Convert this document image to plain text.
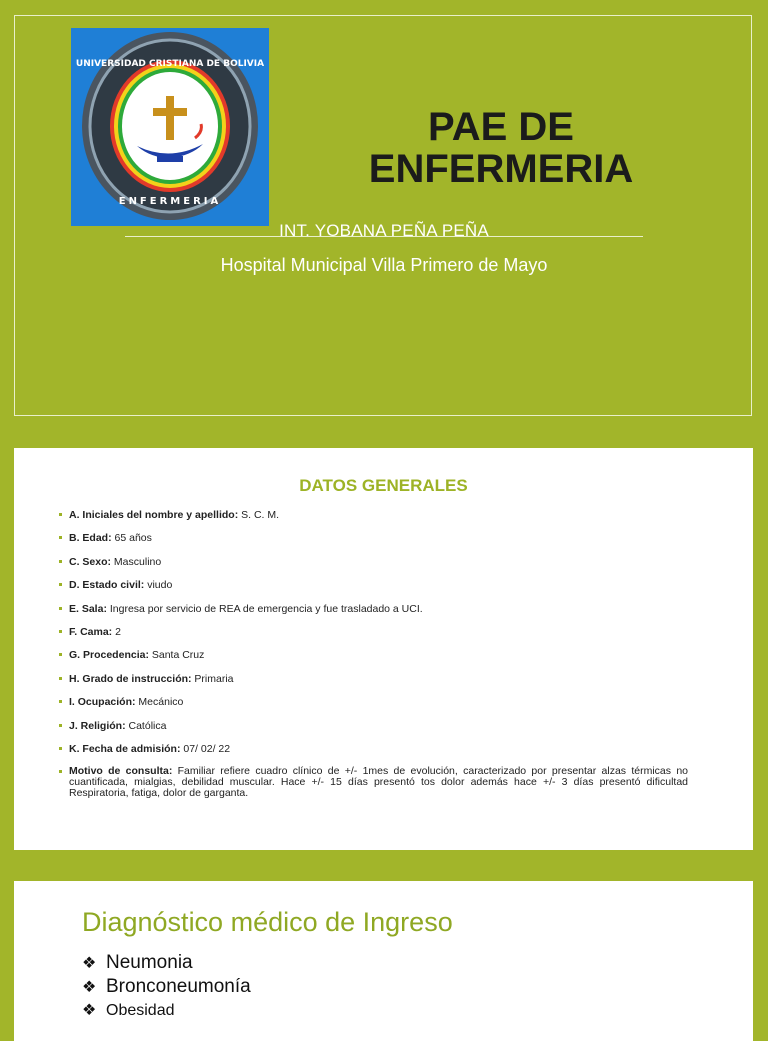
UNIVERSIDAD CRISTIANA DE BOLIVIA
ENFERMERIA
PAE DE
ENFERMERIA
INT. YOBANA PEÑA PEÑA
Hospital Municipal Villa Primero de Mayo
DATOS GENERALES
A. Iniciales del nombre y apellido: S. C. M.
B. Edad: 65 años
C. Sexo: Masculino
D. Estado civil: viudo
E. Sala: Ingresa por servicio de REA de emergencia y fue trasladado a UCI.
F. Cama: 2
G. Procedencia: Santa Cruz
H. Grado de instrucción: Primaria
I. Ocupación: Mecánico
J. Religión: Católica
K. Fecha de admisión: 07/ 02/ 22
Motivo de consulta: Familiar refiere cuadro clínico de +/- 1mes de evolución, caracterizado por presentar alzas térmicas no cuantificada, mialgias, debilidad muscular. Hace +/- 15 días presentó tos dolor además hace +/- 3 días presentó dificultad Respiratoria, fatiga, dolor de garganta.
Diagnóstico médico de Ingreso
❖ Neumonia
❖ Bronconeumonía
❖ Obesidad
